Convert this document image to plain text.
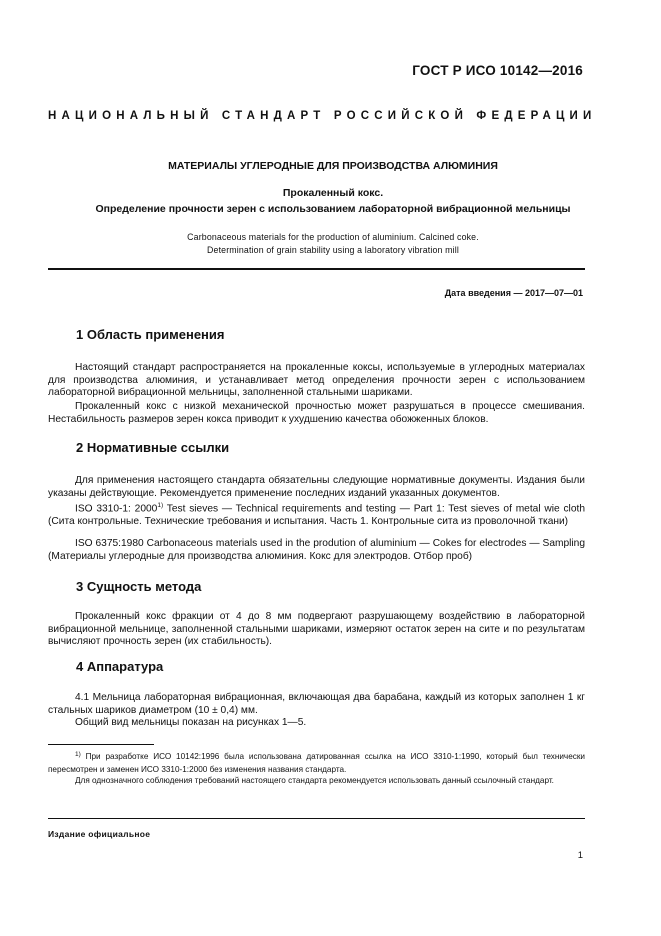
ГОСТ Р ИСО 10142—2016
НАЦИОНАЛЬНЫЙ СТАНДАРТ РОССИЙСКОЙ ФЕДЕРАЦИИ
МАТЕРИАЛЫ УГЛЕРОДНЫЕ ДЛЯ ПРОИЗВОДСТВА АЛЮМИНИЯ
Прокаленный кокс.
Определение прочности зерен с использованием лабораторной вибрационной мельницы
Carbonaceous materials for the production of aluminium. Calcined coke.
Determination of grain stability using a laboratory vibration mill
Дата введения — 2017—07—01
1 Область применения
Настоящий стандарт распространяется на прокаленные коксы, используемые в углеродных материалах для производства алюминия, и устанавливает метод определения прочности зерен с использованием лабораторной вибрационной мельницы, заполненной стальными шариками.
Прокаленный кокс с низкой механической прочностью может разрушаться в процессе смешивания. Нестабильность размеров зерен кокса приводит к ухудшению качества обожженных блоков.
2 Нормативные ссылки
Для применения настоящего стандарта обязательны следующие нормативные документы. Издания были указаны действующие. Рекомендуется применение последних изданий указанных документов.
ISO 3310-1: 2000$^{1)}$ Test sieves — Technical requirements and testing — Part 1: Test sieves of metal wie cloth (Сита контрольные. Технические требования и испытания. Часть 1. Контрольные сита из проволочной ткани)
ISO 6375:1980 Carbonaceous materials used in the prodution of aluminium — Cokes for electrodes — Sampling (Материалы углеродные для производства алюминия. Кокс для электродов. Отбор проб)
3 Сущность метода
Прокаленный кокс фракции от 4 до 8 мм подвергают разрушающему воздействию в лабораторной вибрационной мельнице, заполненной стальными шариками, измеряют остаток зерен на сите и по результатам вычисляют прочность зерен (их стабильность).
4 Аппаратура
4.1 Мельница лабораторная вибрационная, включающая два барабана, каждый из которых заполнен 1 кг стальных шариков диаметром (10 ± 0,4) мм.
Общий вид мельницы показан на рисунках 1—5.
$^{1)}$ При разработке ИСО 10142:1996 была использована датированная ссылка на ИСО 3310-1:1990, который был технически пересмотрен и заменен ИСО 3310-1:2000 без изменения названия стандарта.
Для однозначного соблюдения требований настоящего стандарта рекомендуется использовать данный ссылочный стандарт.
Издание официальное
1
